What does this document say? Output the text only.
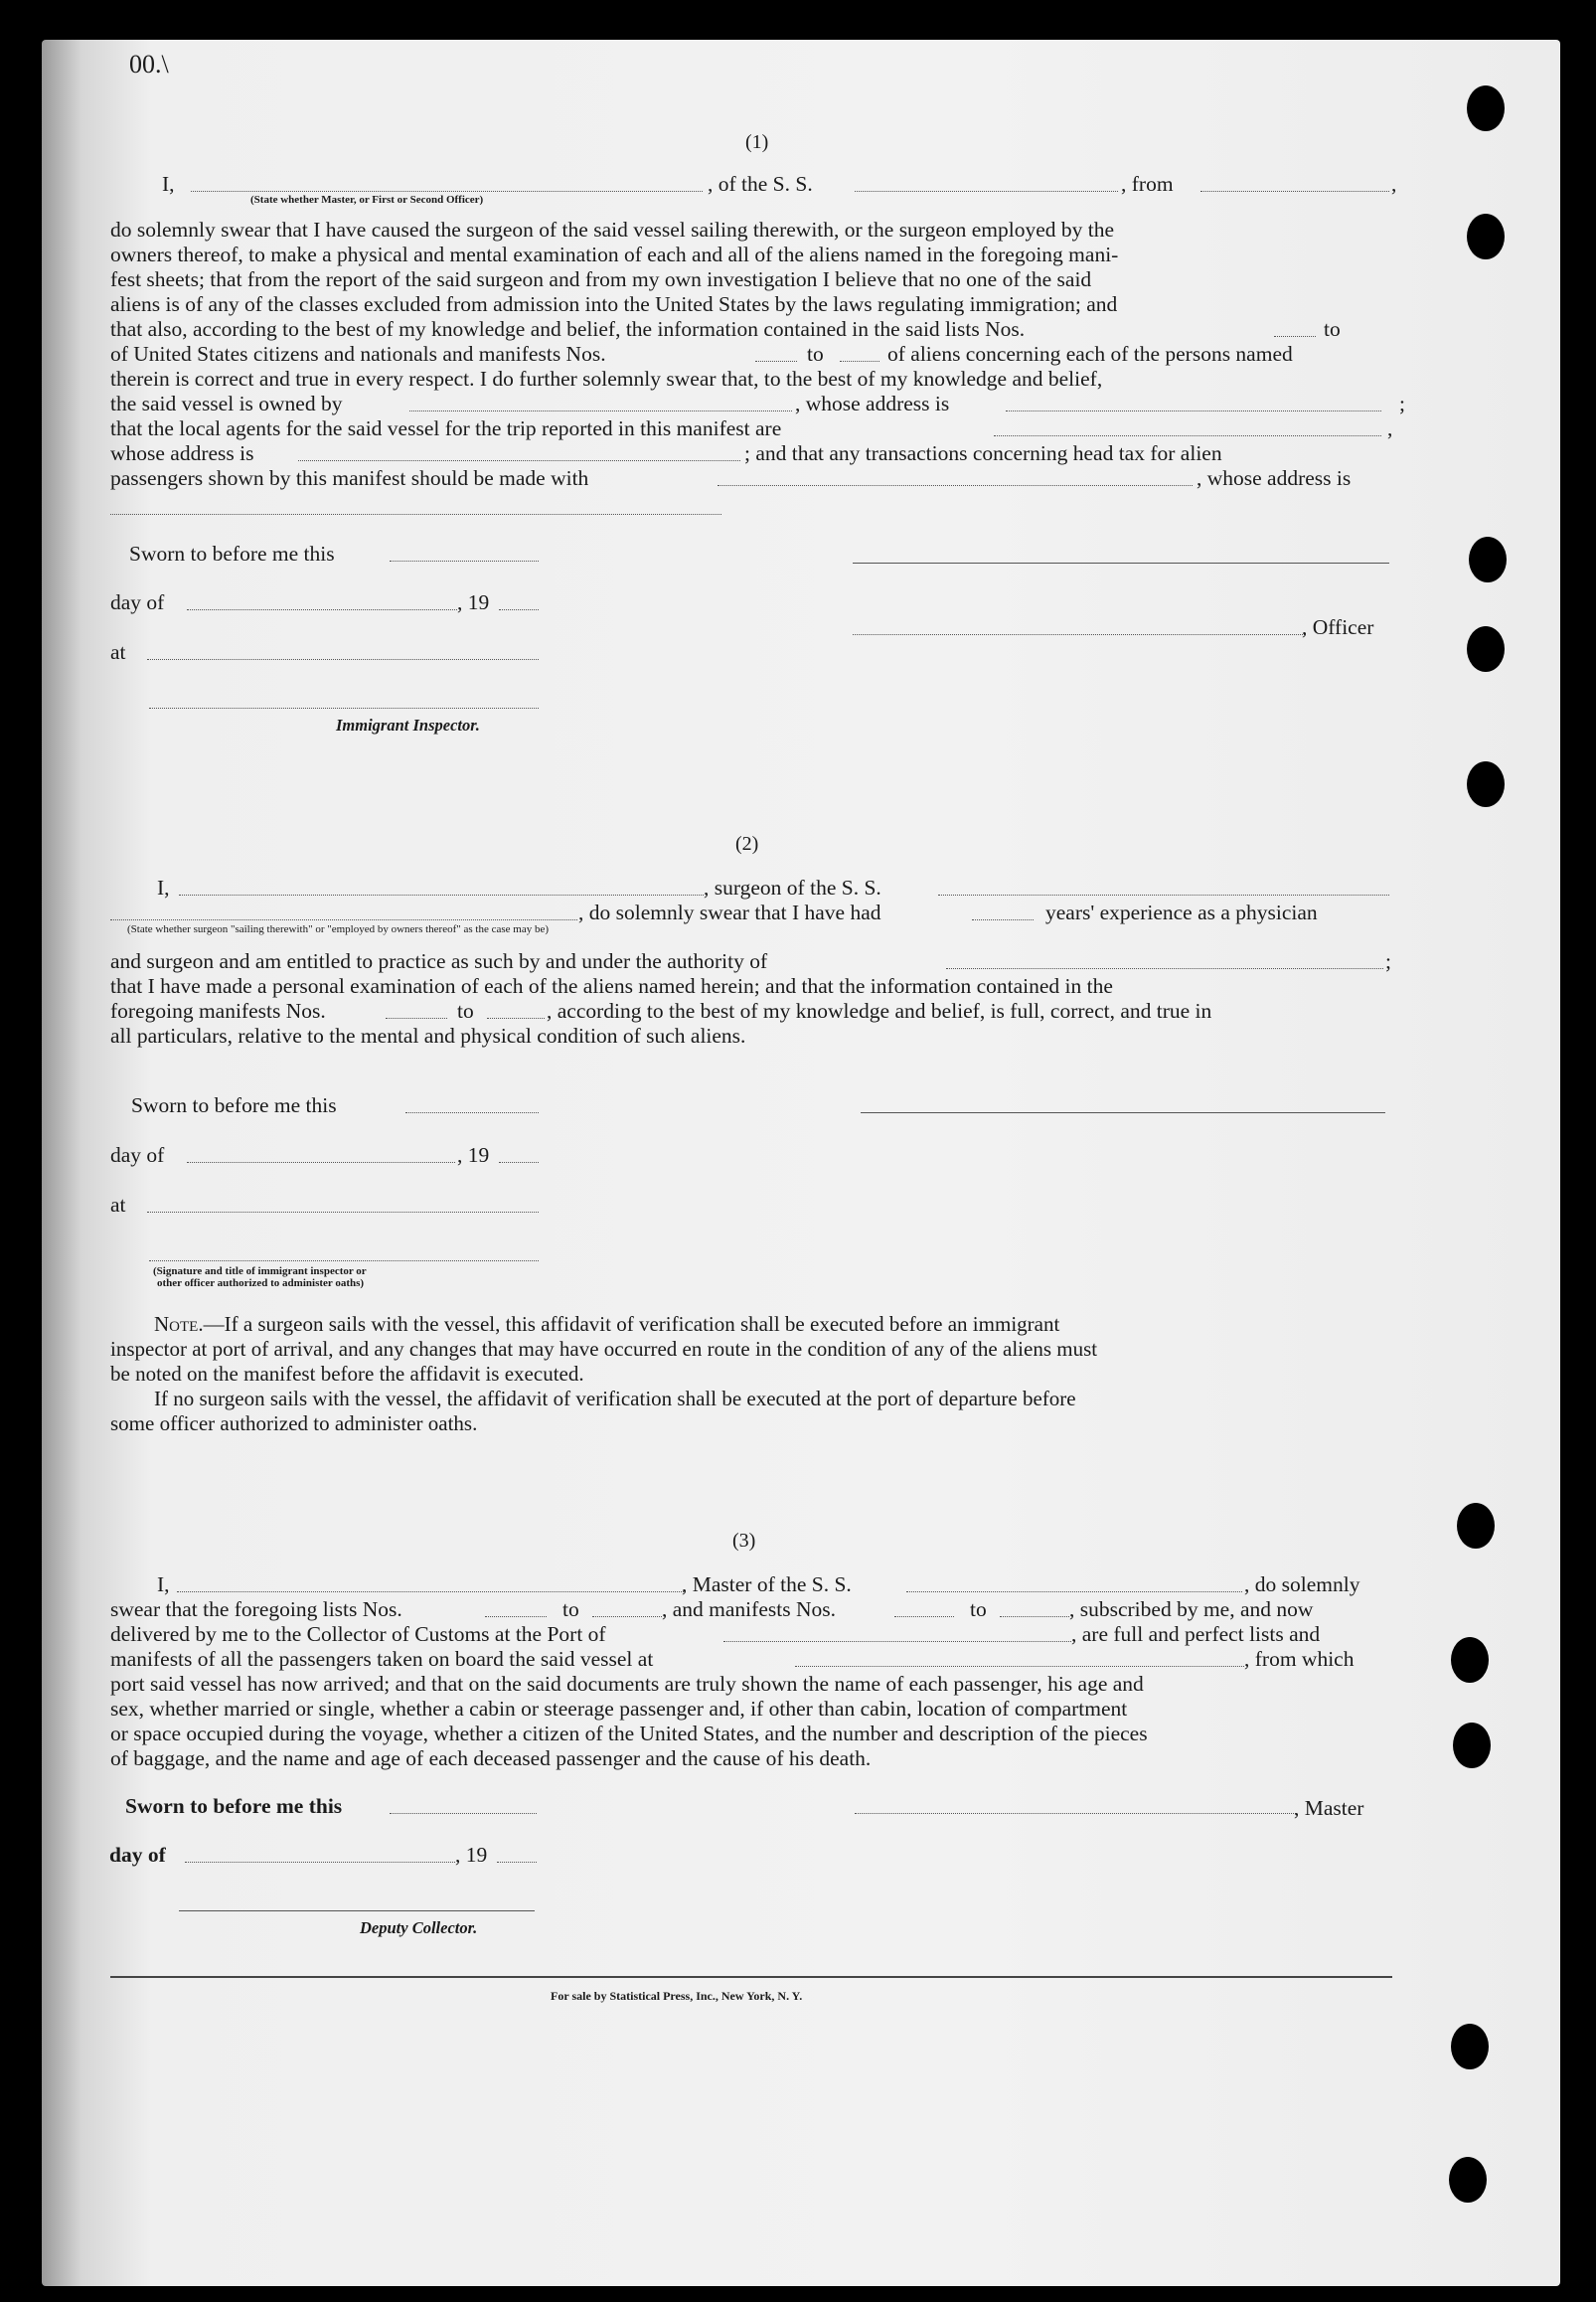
00.\
(1)
I,
(State whether Master, or First or Second Officer)
, of the S. S.	, from	,
do solemnly swear that I have caused the surgeon of the said vessel sailing therewith, or the surgeon employed by the
owners thereof, to make a physical and mental examination of each and all of the aliens named in the foregoing mani-
fest sheets; that from the report of the said surgeon and from my own investigation I believe that no one of the said
aliens is of any of the classes excluded from admission into the United States by the laws regulating immigration; and
that also, according to the best of my knowledge and belief, the information contained in the said lists Nos.	to
of United States citizens and nationals and manifests Nos.	to	of aliens concerning each of the persons named
therein is correct and true in every respect. I do further solemnly swear that, to the best of my knowledge and belief,
the said vessel is owned by	, whose address is	;
that the local agents for the said vessel for the trip reported in this manifest are	,
whose address is	; and that any transactions concerning head tax for alien
passengers shown by this manifest should be made with	, whose address is
Sworn to before me this
day of	, 19
, Officer
at
Immigrant Inspector.
(2)
I,	, surgeon of the S. S.
, do solemnly swear that I have had	years' experience as a physician
(State whether surgeon "sailing therewith" or "employed by owners thereof" as the case may be)
and surgeon and am entitled to practice as such by and under the authority of	;
that I have made a personal examination of each of the aliens named herein; and that the information contained in the
foregoing manifests Nos.	to	, according to the best of my knowledge and belief, is full, correct, and true in
all particulars, relative to the mental and physical condition of such aliens.
Sworn to before me this
day of	, 19
at
(Signature and title of immigrant inspector or
other officer authorized to administer oaths)
Note.—If a surgeon sails with the vessel, this affidavit of verification shall be executed before an immigrant
inspector at port of arrival, and any changes that may have occurred en route in the condition of any of the aliens must
be noted on the manifest before the affidavit is executed.
If no surgeon sails with the vessel, the affidavit of verification shall be executed at the port of departure before
some officer authorized to administer oaths.
(3)
I,	, Master of the S. S.	, do solemnly
swear that the foregoing lists Nos.	to	, and manifests Nos.	to	, subscribed by me, and now
delivered by me to the Collector of Customs at the Port of	, are full and perfect lists and
manifests of all the passengers taken on board the said vessel at	, from which
port said vessel has now arrived; and that on the said documents are truly shown the name of each passenger, his age and
sex, whether married or single, whether a cabin or steerage passenger and, if other than cabin, location of compartment
or space occupied during the voyage, whether a citizen of the United States, and the number and description of the pieces
of baggage, and the name and age of each deceased passenger and the cause of his death.
Sworn to before me this	, Master
day of	, 19
Deputy Collector.
For sale by Statistical Press, Inc., New York, N. Y.
